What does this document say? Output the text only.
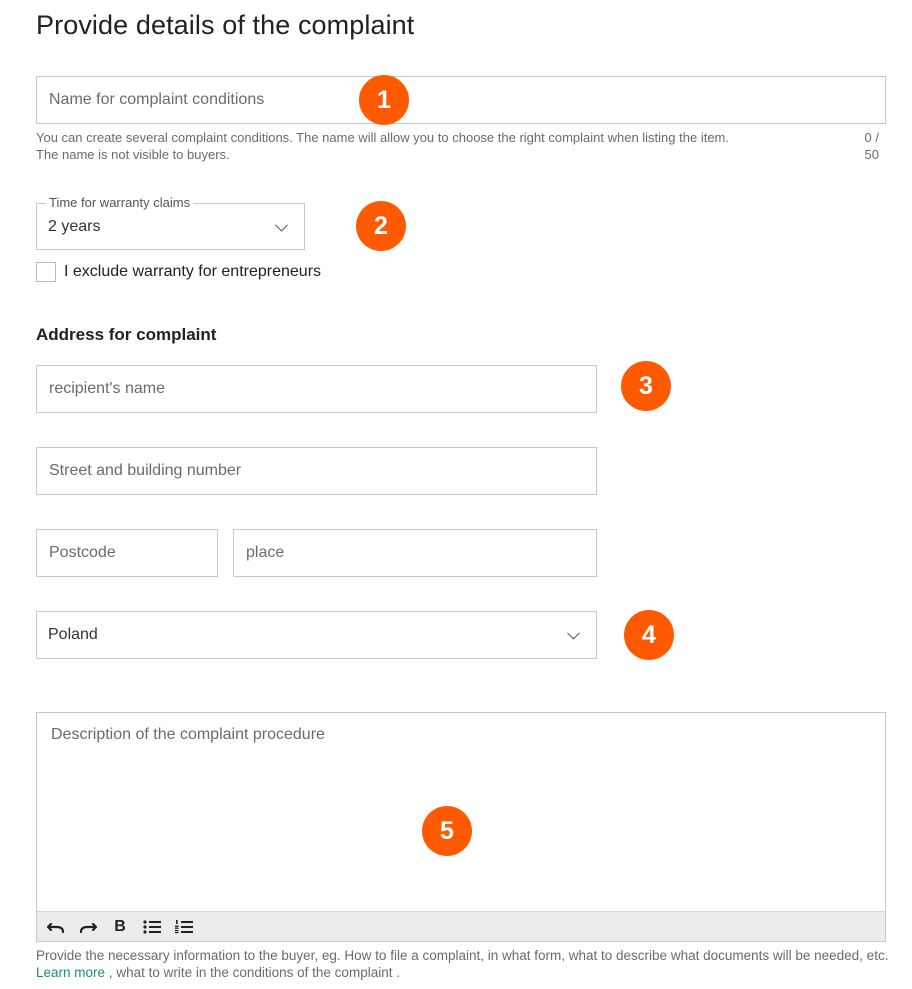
Provide details of the complaint
Name for complaint conditions
1
You can create several complaint conditions. The name will allow you to choose the right complaint when listing the item.
The name is not visible to buyers.
0 /
50
Time for warranty claims
2 years	2
I exclude warranty for entrepreneurs
Address for complaint
recipient's name
3
Street and building number
Postcode
place
Poland	4
Description of the complaint procedure
B
5
Provide the necessary information to the buyer, eg. How to file a complaint, in what form, what to describe what documents will be needed, etc. Learn more , what to write in the conditions of the complaint .
